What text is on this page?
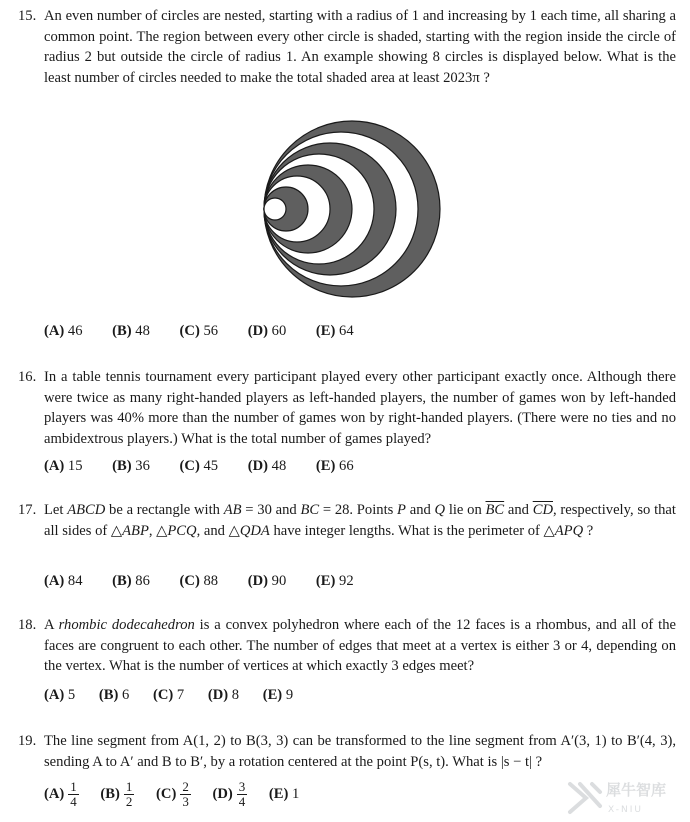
15. An even number of circles are nested, starting with a radius of 1 and increasing by 1 each time, all sharing a common point. The region between every other circle is shaded, starting with the region inside the circle of radius 2 but outside the circle of radius 1. An example showing 8 circles is displayed below. What is the least number of circles needed to make the total shaded area at least 2023π ?
(A) 46 (B) 48 (C) 56 (D) 60 (E) 64
16. In a table tennis tournament every participant played every other participant exactly once. Although there were twice as many right-handed players as left-handed players, the number of games won by left-handed players was 40% more than the number of games won by right-handed players. (There were no ties and no ambidextrous players.) What is the total number of games played?
(A) 15 (B) 36 (C) 45 (D) 48 (E) 66
17. Let ABCD be a rectangle with AB = 30 and BC = 28. Points P and Q lie on $\overline{BC}$ and $\overline{CD}$, respectively, so that all sides of △ABP, △PCQ, and △QDA have integer lengths. What is the perimeter of △APQ ?
(A) 84 (B) 86 (C) 88 (D) 90 (E) 92
18. A rhombic dodecahedron is a convex polyhedron where each of the 12 faces is a rhombus, and all of the faces are congruent to each other. The number of edges that meet at a vertex is either 3 or 4, depending on the vertex. What is the number of vertices at which exactly 3 edges meet?
(A) 5 (B) 6 (C) 7 (D) 8 (E) 9
19. The line segment from A(1, 2) to B(3, 3) can be transformed to the line segment from A′(3, 1) to B′(4, 3), sending A to A′ and B to B′, by a rotation centered at the point P(s, t). What is |s − t| ?
$(A) \frac{1}{4} (B) \frac{1}{2} (C) \frac{2}{3} (D) \frac{3}{4} (E)$ 1	犀牛智库
X-NIU
